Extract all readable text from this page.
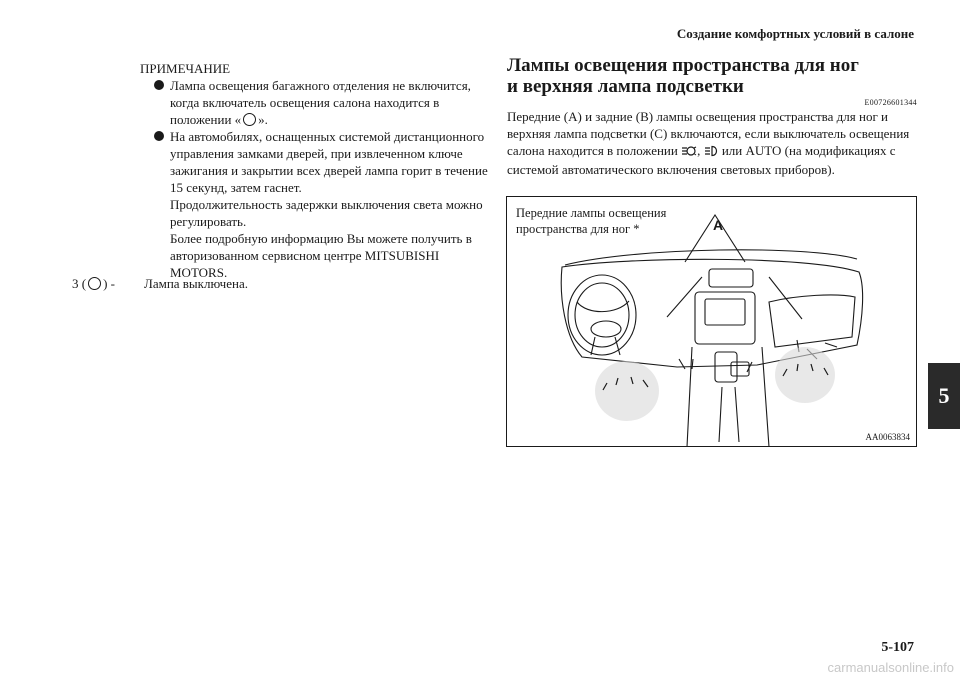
Создание комфортных условий в салоне
5
ПРИМЕЧАНИЕ
Лампа освещения багажного отделения не включится, когда включатель освещения салона находится в положении « ».
На автомобилях, оснащенных системой дистанционного управления замками дверей, при извлеченном ключе зажигания и закрытии всех дверей лампа горит в течение 15 секунд, затем гаснет.
Продолжительность задержки выключения света можно регулировать.
Более подробную информацию Вы можете получить в авторизованном сервисном центре MITSUBISHI MOTORS.
3 ( ) - Лампа выключена.
Лампы освещения пространства для ног
и верхняя лампа подсветки
E00726601344
Передние (A) и задние (B) лампы освещения пространства для ног и верхняя лампа подсветки (C) включаются, если выключатель освещения салона находится в положении , или AUTO (на модификациях с системой автоматического включения световых приборов).
Передние лампы освещения
пространства для ног *	A
AA0063834
5-107
carmanualsonline.info
